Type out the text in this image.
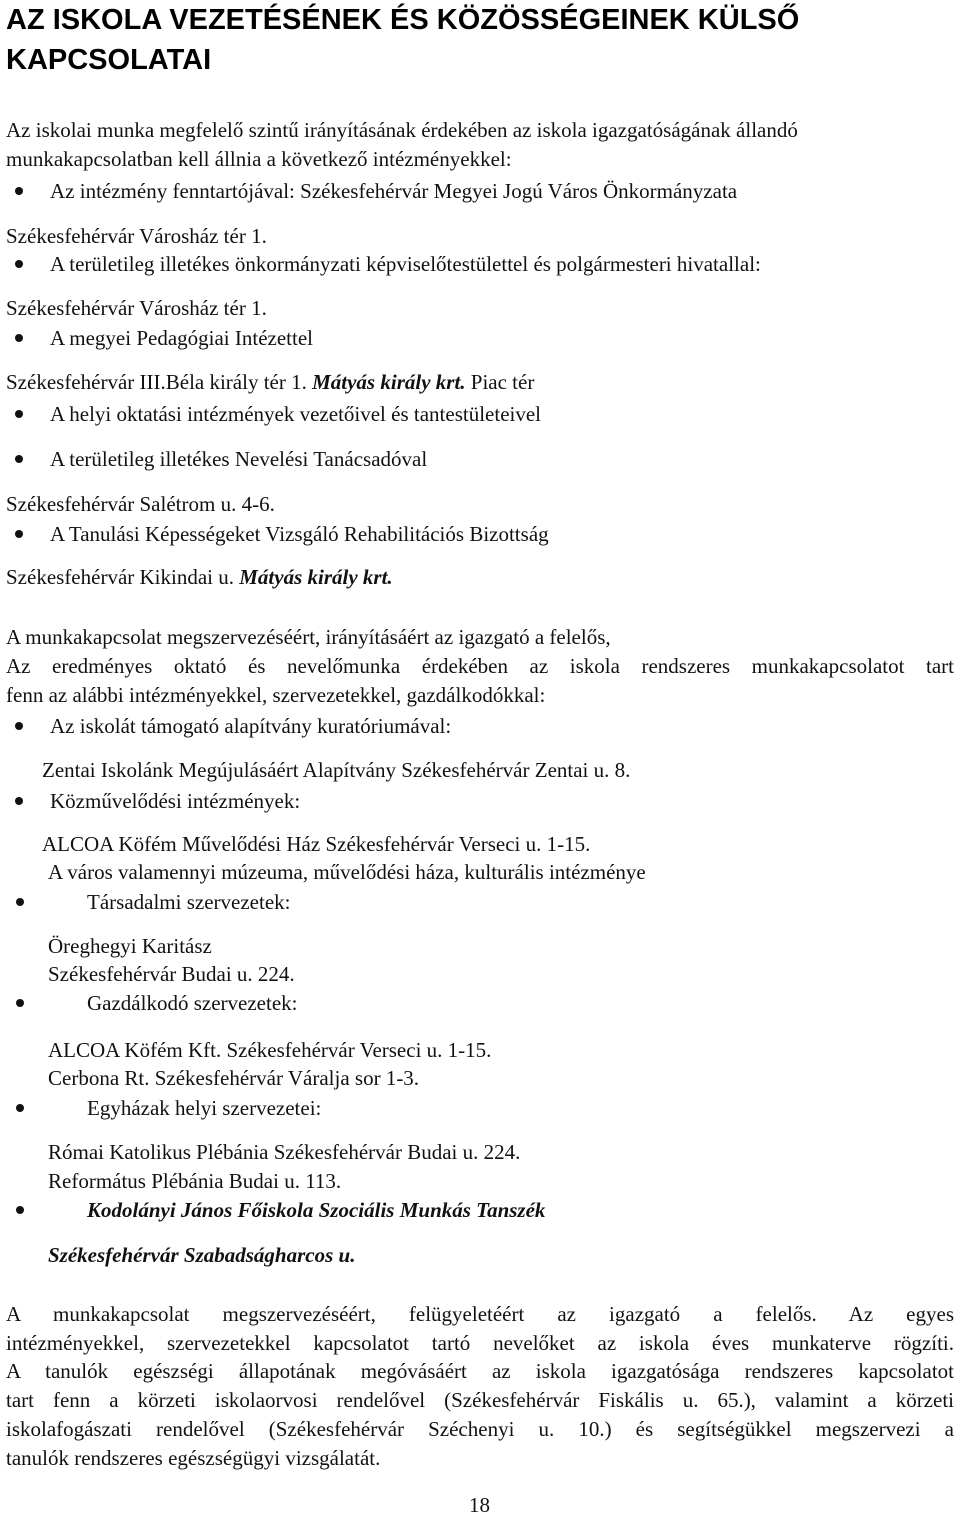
AZ ISKOLA VEZETÉSÉNEK ÉS KÖZÖSSÉGEINEK KÜLSŐ
KAPCSOLATAI
Az iskolai munka megfelelő szintű irányításának érdekében az iskola igazgatóságának állandó
munkakapcsolatban kell állnia a következő intézményekkel:
Az intézmény fenntartójával: Székesfehérvár Megyei Jogú Város Önkormányzata
Székesfehérvár Városház tér 1.
A területileg illetékes önkormányzati képviselőtestülettel és polgármesteri hivatallal:
Székesfehérvár Városház tér 1.
A megyei Pedagógiai Intézettel
Székesfehérvár III.Béla király tér 1. Mátyás király krt. Piac tér
A helyi oktatási intézmények vezetőivel és tantestületeivel
A területileg illetékes Nevelési Tanácsadóval
Székesfehérvár Salétrom u. 4-6.
A Tanulási Képességeket Vizsgáló Rehabilitációs Bizottság
Székesfehérvár Kikindai u. Mátyás király krt.
A munkakapcsolat megszervezéséért, irányításáért az igazgató a felelős,
Az eredményes oktató és nevelőmunka érdekében az iskola rendszeres munkakapcsolatot tart
fenn az alábbi intézményekkel, szervezetekkel, gazdálkodókkal:
Az iskolát támogató alapítvány kuratóriumával:
Zentai Iskolánk Megújulásáért Alapítvány Székesfehérvár Zentai u. 8.
Közművelődési intézmények:
ALCOA Köfém Művelődési Ház Székesfehérvár Verseci u. 1-15.
A város valamennyi múzeuma, művelődési háza, kulturális intézménye
Társadalmi szervezetek:
Öreghegyi Karitász
Székesfehérvár Budai u. 224.
Gazdálkodó szervezetek:
ALCOA Köfém Kft. Székesfehérvár Verseci u. 1-15.
Cerbona Rt. Székesfehérvár Váralja sor 1-3.
Egyházak helyi szervezetei:
Római Katolikus Plébánia Székesfehérvár Budai u. 224.
Református Plébánia Budai u. 113.
Kodolányi János Főiskola Szociális Munkás Tanszék
Székesfehérvár Szabadságharcos u.
A munkakapcsolat megszervezéséért, felügyeletéért az igazgató a felelős. Az egyes
intézményekkel, szervezetekkel kapcsolatot tartó nevelőket az iskola éves munkaterve rögzíti.
A tanulók egészségi állapotának megóvásáért az iskola igazgatósága rendszeres kapcsolatot
tart fenn a körzeti iskolaorvosi rendelővel (Székesfehérvár Fiskális u. 65.), valamint a körzeti
iskolafogászati rendelővel (Székesfehérvár Széchenyi u. 10.) és segítségükkel megszervezi a
tanulók rendszeres egészségügyi vizsgálatát.
18
